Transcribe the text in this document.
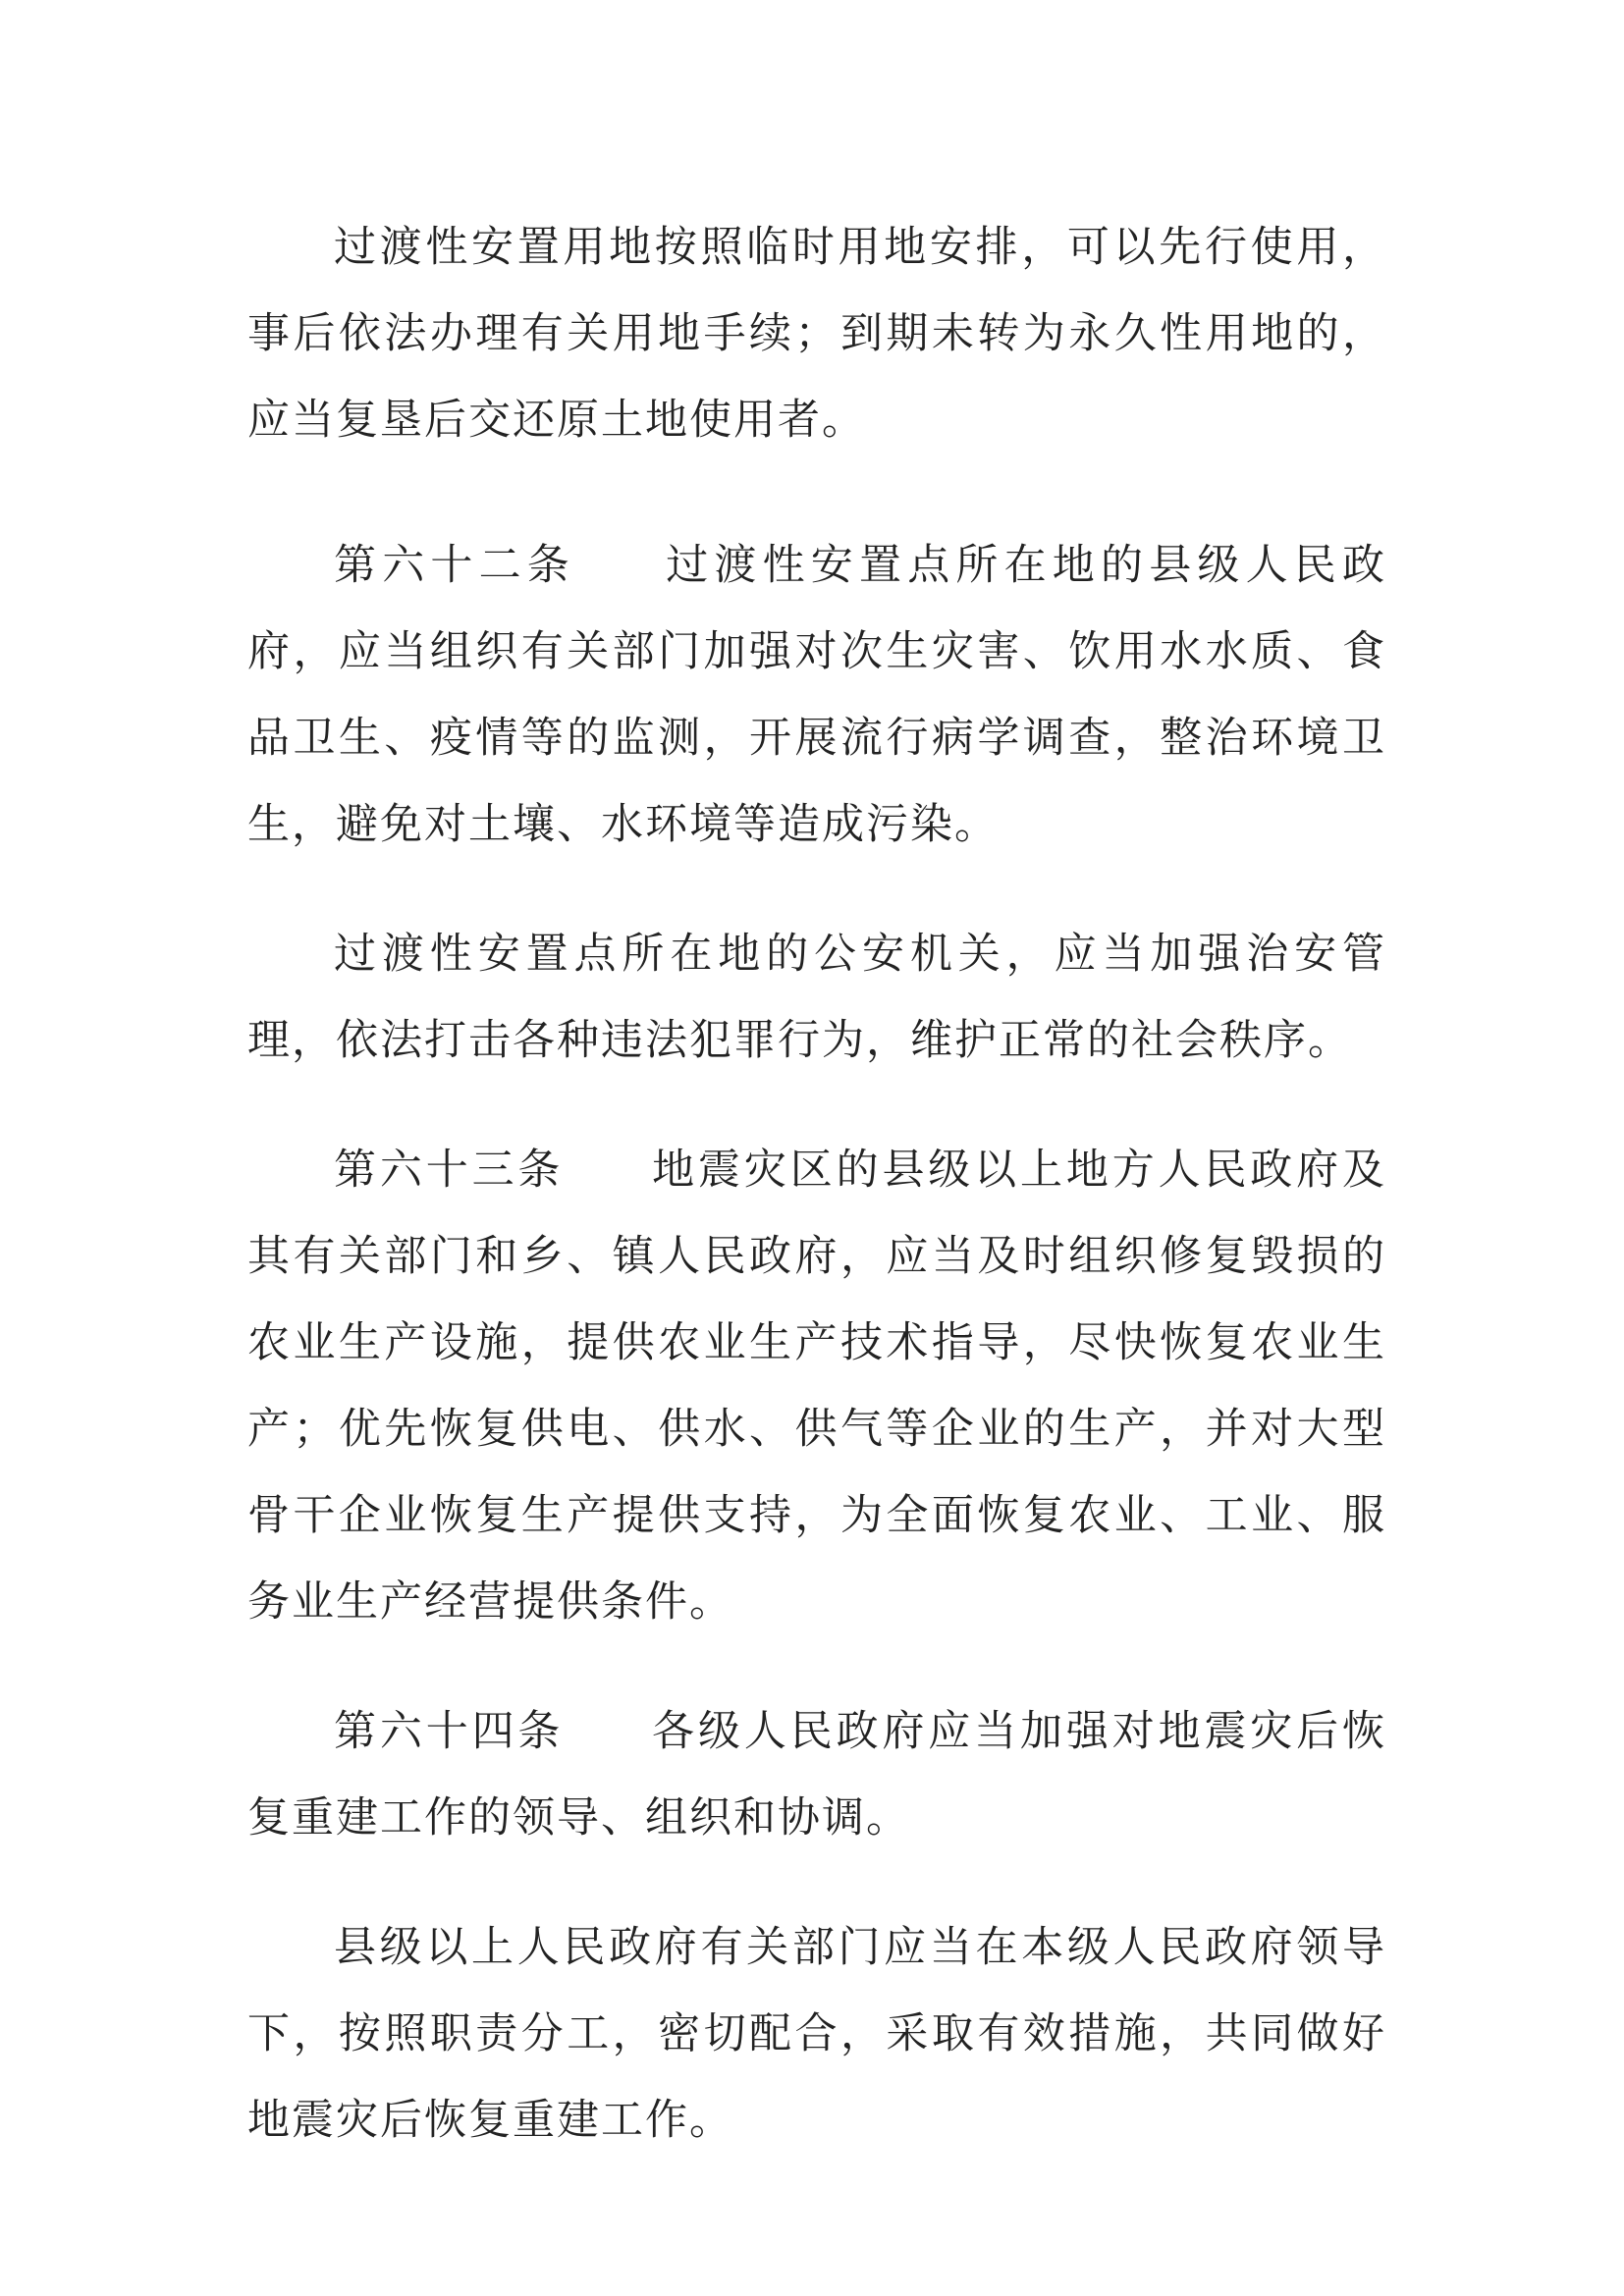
过渡性安置用地按照临时用地安排，可以先行使用，事后依法办理有关用地手续；到期未转为永久性用地的，应当复垦后交还原土地使用者。

第六十二条 过渡性安置点所在地的县级人民政府，应当组织有关部门加强对次生灾害、饮用水水质、食品卫生、疫情等的监测，开展流行病学调查，整治环境卫生，避免对土壤、水环境等造成污染。

过渡性安置点所在地的公安机关，应当加强治安管理，依法打击各种违法犯罪行为，维护正常的社会秩序。

第六十三条 地震灾区的县级以上地方人民政府及其有关部门和乡、镇人民政府，应当及时组织修复毁损的农业生产设施，提供农业生产技术指导，尽快恢复农业生产；优先恢复供电、供水、供气等企业的生产，并对大型骨干企业恢复生产提供支持，为全面恢复农业、工业、服务业生产经营提供条件。

第六十四条 各级人民政府应当加强对地震灾后恢复重建工作的领导、组织和协调。

县级以上人民政府有关部门应当在本级人民政府领导下，按照职责分工，密切配合，采取有效措施，共同做好地震灾后恢复重建工作。
